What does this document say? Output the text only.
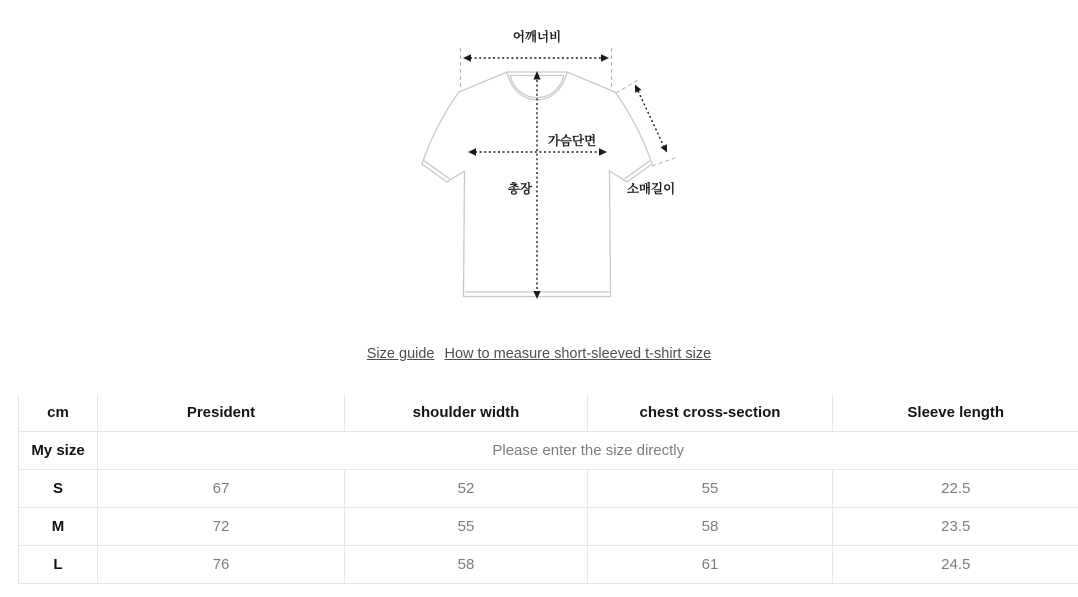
어깨너비
가슴단면
총장	소매길이
Size guide How to measure short-sleeved t-shirt size
cm	President	shoulder width	chest cross-section	Sleeve length
My size	Please enter the size directly			
S	67	52	55	22.5
M	72	55	58	23.5
L	76	58	61	24.5
